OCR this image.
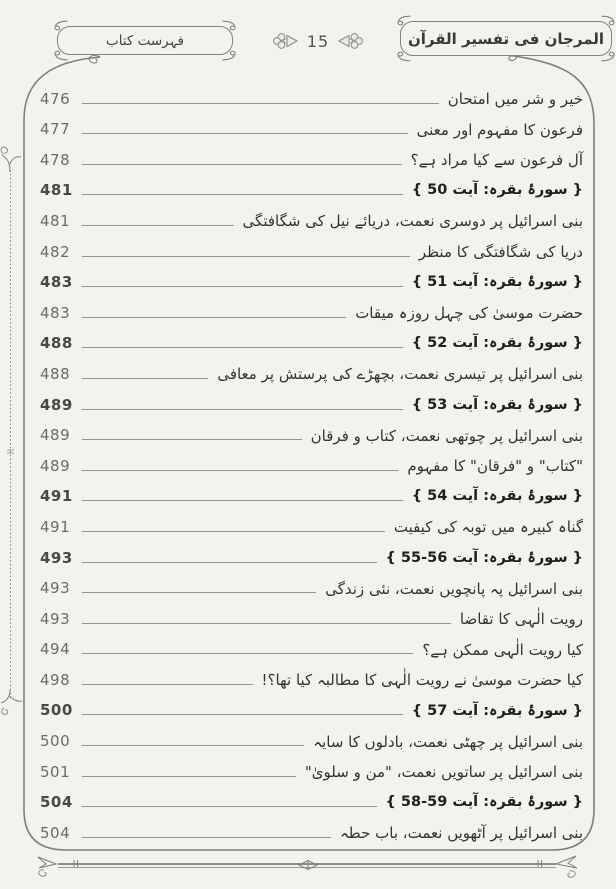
المرجان فی تفسیر القرآن
15
فہرست کتاب
476	خیر و شر میں امتحان
477	فرعون کا مفہوم اور معنی
478	آل فرعون سے کیا مراد ہے؟
481	{ سورۂ بقرہ: آیت 50 }
481	بنی اسرائیل پر دوسری نعمت، دریائے نیل کی شگافتگی
482	دریا کی شگافتگی کا منظر
483	{ سورۂ بقرہ: آیت 51 }
483	حضرت موسیٰ کی چہل روزہ میقات
488	{ سورۂ بقرہ: آیت 52 }
488	بنی اسرائیل پر تیسری نعمت، بچھڑے کی پرستش پر معافی
489	{ سورۂ بقرہ: آیت 53 }
489	بنی اسرائیل پر چوتھی نعمت، کتاب و فرقان
489	"کتاب" و "فرقان" کا مفہوم
491	{ سورۂ بقرہ: آیت 54 }
491	گناہ کبیرہ میں توبہ کی کیفیت
493	{ سورۂ بقرہ: آیت 56-55 }
493	بنی اسرائیل پہ پانچویں نعمت، نئی زندگی
493	رویت الٰہی کا تقاضا
494	کیا رویت الٰہی ممکن ہے؟
498	کیا حضرت موسیٰ نے رویت الٰہی کا مطالبہ کیا تھا؟!
500	{ سورۂ بقرہ: آیت 57 }
500	بنی اسرائیل پر چھٹی نعمت، بادلوں کا سایہ
501	بنی اسرائیل پر ساتویں نعمت، "من و سلویٰ"
504	{ سورۂ بقرہ: آیت 59-58 }
504	بنی اسرائیل پر آٹھویں نعمت، باب حطہ
